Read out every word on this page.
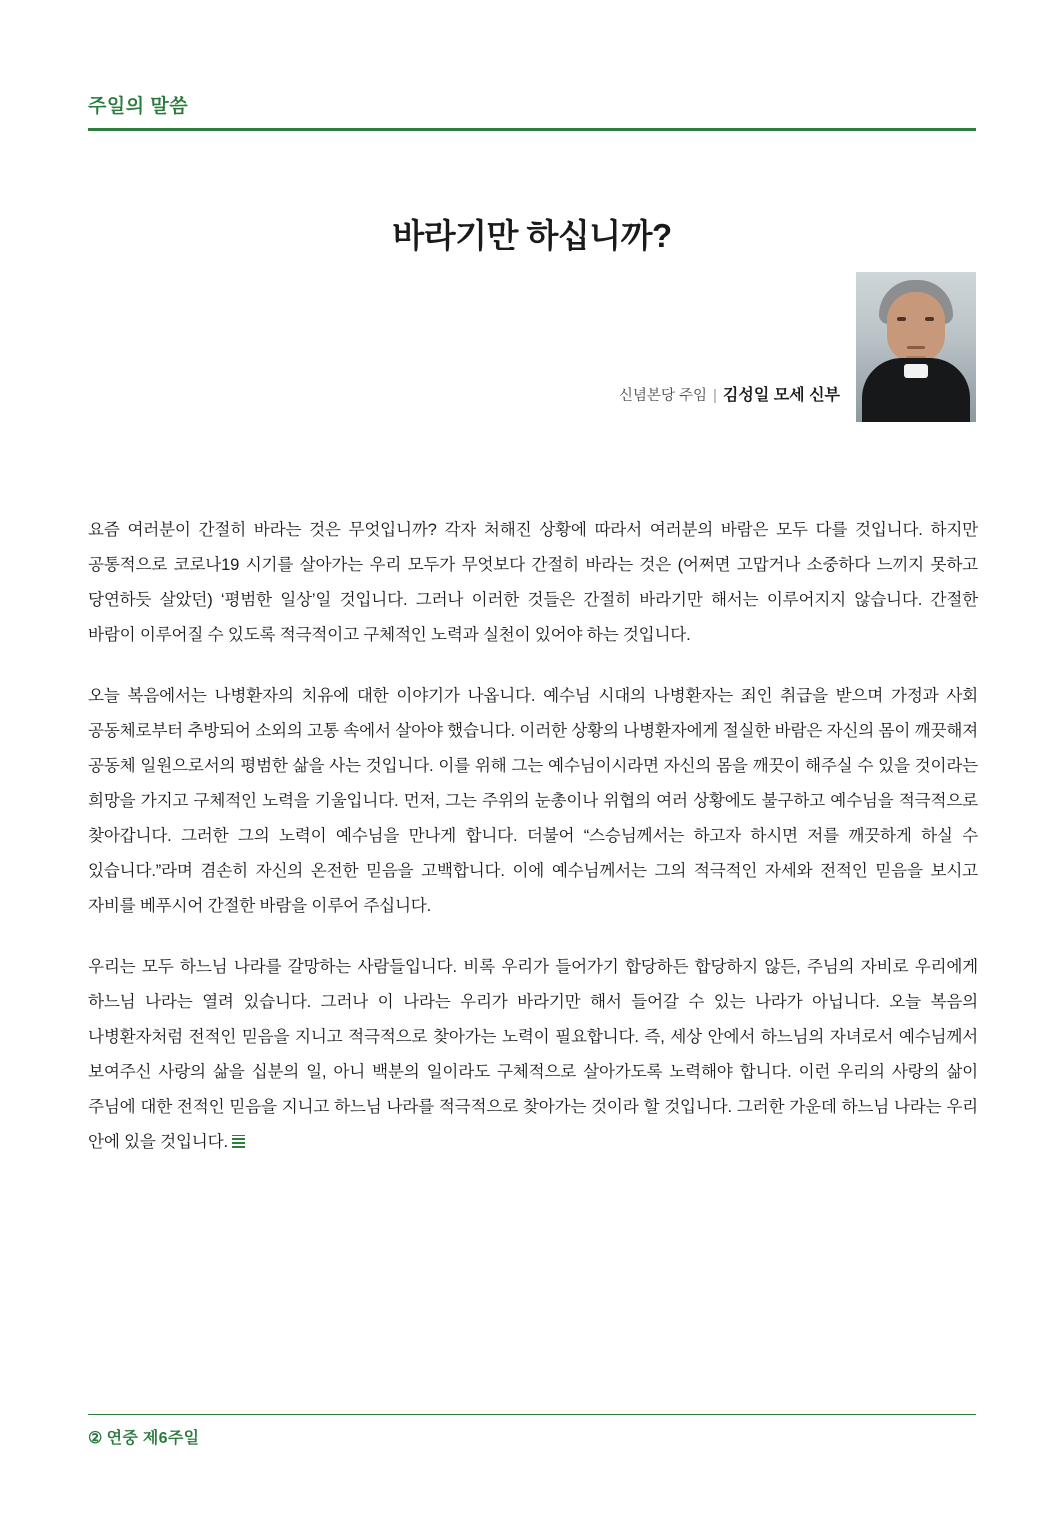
주일의 말씀
바라기만 하십니까?
신념본당 주임 | 김성일 모세 신부

요즘 여러분이 간절히 바라는 것은 무엇입니까? 각자 처해진 상황에 따라서 여러분의 바람은 모두 다를 것입니다. 하지만 공통적으로 코로나19 시기를 살아가는 우리 모두가 무엇보다 간절히 바라는 것은 (어쩌면 고맙거나 소중하다 느끼지 못하고 당연하듯 살았던) ‘평범한 일상’일 것입니다. 그러나 이러한 것들은 간절히 바라기만 해서는 이루어지지 않습니다. 간절한 바람이 이루어질 수 있도록 적극적이고 구체적인 노력과 실천이 있어야 하는 것입니다.

오늘 복음에서는 나병환자의 치유에 대한 이야기가 나옵니다. 예수님 시대의 나병환자는 죄인 취급을 받으며 가정과 사회 공동체로부터 추방되어 소외의 고통 속에서 살아야 했습니다. 이러한 상황의 나병환자에게 절실한 바람은 자신의 몸이 깨끗해져 공동체 일원으로서의 평범한 삶을 사는 것입니다. 이를 위해 그는 예수님이시라면 자신의 몸을 깨끗이 해주실 수 있을 것이라는 희망을 가지고 구체적인 노력을 기울입니다. 먼저, 그는 주위의 눈총이나 위협의 여러 상황에도 불구하고 예수님을 적극적으로 찾아갑니다. 그러한 그의 노력이 예수님을 만나게 합니다. 더불어 “스승님께서는 하고자 하시면 저를 깨끗하게 하실 수 있습니다.”라며 겸손히 자신의 온전한 믿음을 고백합니다. 이에 예수님께서는 그의 적극적인 자세와 전적인 믿음을 보시고 자비를 베푸시어 간절한 바람을 이루어 주십니다.

우리는 모두 하느님 나라를 갈망하는 사람들입니다. 비록 우리가 들어가기 합당하든 합당하지 않든, 주님의 자비로 우리에게 하느님 나라는 열려 있습니다. 그러나 이 나라는 우리가 바라기만 해서 들어갈 수 있는 나라가 아닙니다. 오늘 복음의 나병환자처럼 전적인 믿음을 지니고 적극적으로 찾아가는 노력이 필요합니다. 즉, 세상 안에서 하느님의 자녀로서 예수님께서 보여주신 사랑의 삶을 십분의 일, 아니 백분의 일이라도 구체적으로 살아가도록 노력해야 합니다. 이런 우리의 사랑의 삶이 주님에 대한 전적인 믿음을 지니고 하느님 나라를 적극적으로 찾아가는 것이라 할 것입니다. 그러한 가운데 하느님 나라는 우리 안에 있을 것입니다.

② 연중 제6주일
